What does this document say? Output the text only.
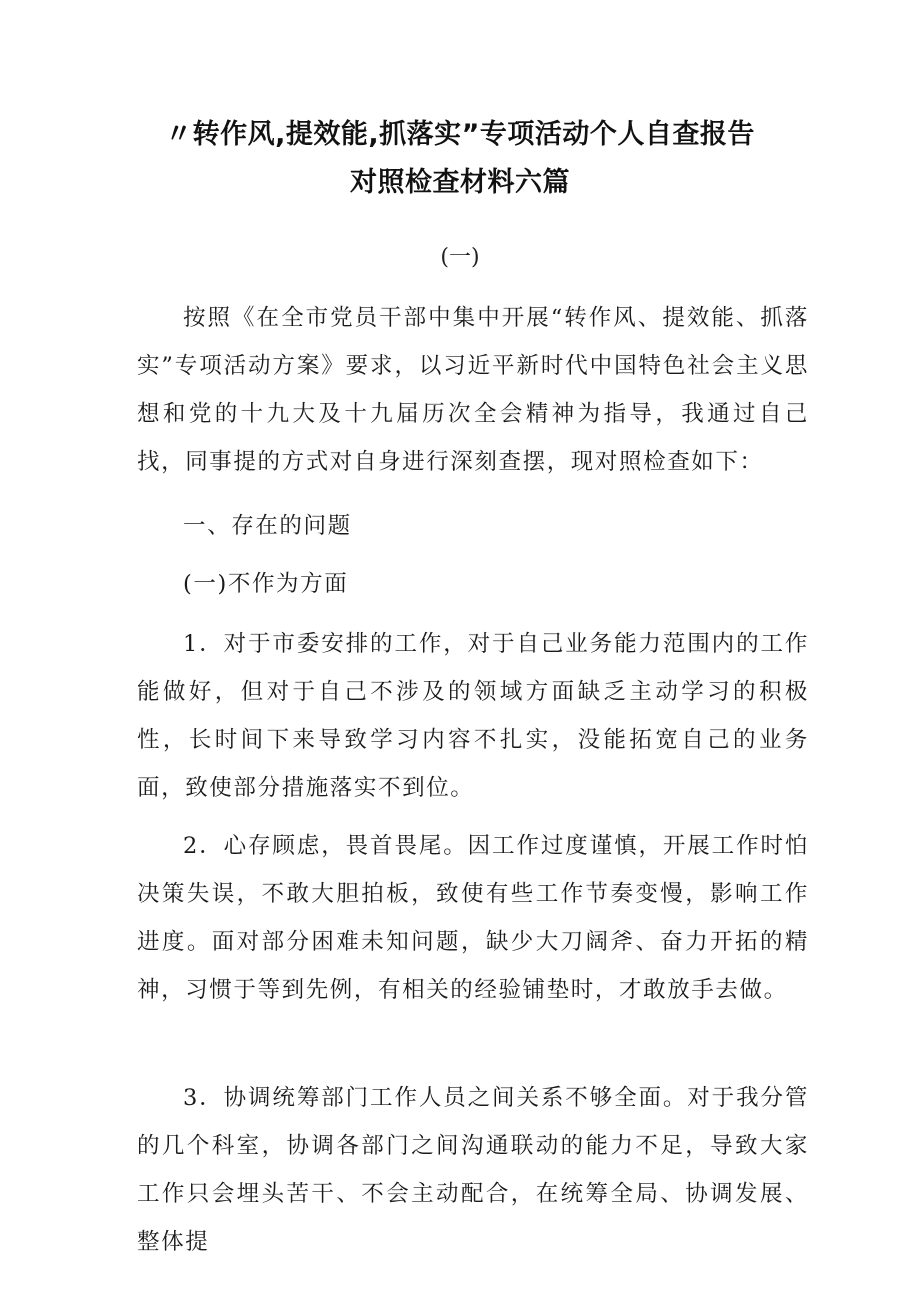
〃转作风,提效能,抓落实”专项活动个人自查报告
对照检查材料六篇
(一)

按照《在全市党员干部中集中开展“转作风、提效能、抓落实”专项活动方案》要求，以习近平新时代中国特色社会主义思想和党的十九大及十九届历次全会精神为指导，我通过自己找，同事提的方式对自身进行深刻查摆，现对照检查如下：

一、存在的问题
(一)不作为方面

1．对于市委安排的工作，对于自己业务能力范围内的工作能做好，但对于自己不涉及的领域方面缺乏主动学习的积极性，长时间下来导致学习内容不扎实，没能拓宽自己的业务面，致使部分措施落实不到位。

2．心存顾虑，畏首畏尾。因工作过度谨慎，开展工作时怕决策失误，不敢大胆拍板，致使有些工作节奏变慢，影响工作进度。面对部分困难未知问题，缺少大刀阔斧、奋力开拓的精神，习惯于等到先例，有相关的经验铺垫时，才敢放手去做。

3．协调统筹部门工作人员之间关系不够全面。对于我分管的几个科室，协调各部门之间沟通联动的能力不足，导致大家工作只会埋头苦干、不会主动配合，在统筹全局、协调发展、整体提
